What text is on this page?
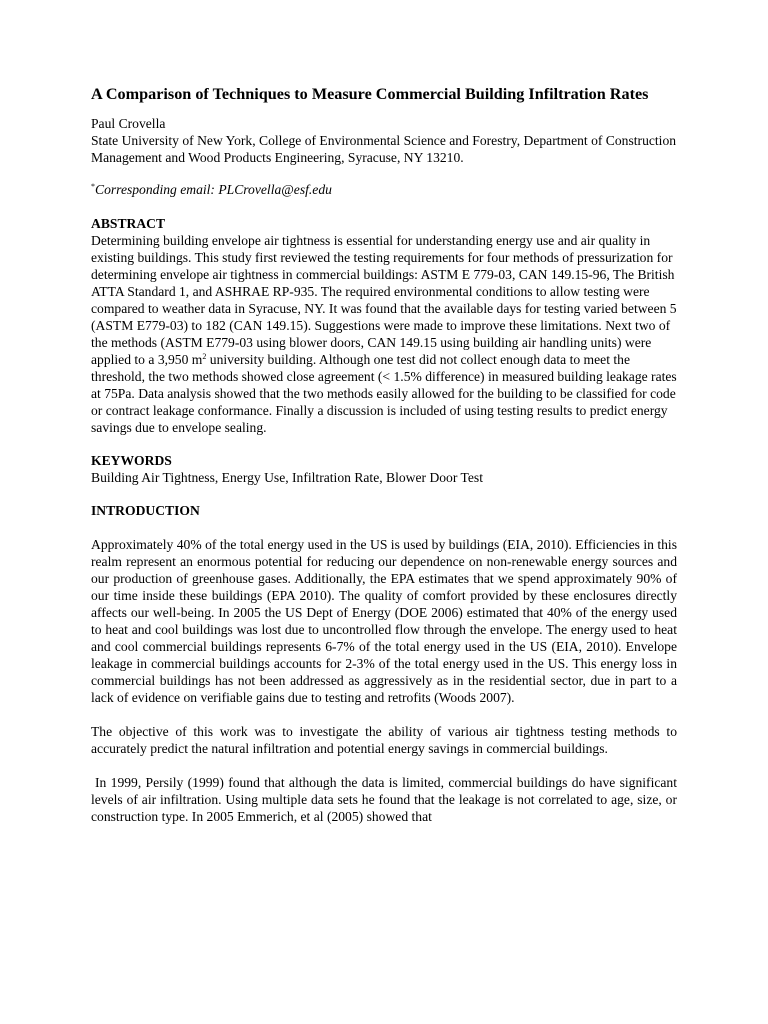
A Comparison of Techniques to Measure Commercial Building Infiltration Rates

Paul Crovella

State University of New York, College of Environmental Science and Forestry, Department of Construction Management and Wood Products Engineering, Syracuse, NY 13210.

*Corresponding email: PLCrovella@esf.edu

ABSTRACT

Determining building envelope air tightness is essential for understanding energy use and air quality in existing buildings. This study first reviewed the testing requirements for four methods of pressurization for determining envelope air tightness in commercial buildings: ASTM E 779-03, CAN 149.15-96, The British ATTA Standard 1, and ASHRAE RP-935. The required environmental conditions to allow testing were compared to weather data in Syracuse, NY. It was found that the available days for testing varied between 5 (ASTM E779-03) to 182 (CAN 149.15). Suggestions were made to improve these limitations. Next two of the methods (ASTM E779-03 using blower doors, CAN 149.15 using building air handling units) were applied to a 3,950 $m^2$ university building. Although one test did not collect enough data to meet the threshold, the two methods showed close agreement (< 1.5% difference) in measured building leakage rates at 75Pa. Data analysis showed that the two methods easily allowed for the building to be classified for code or contract leakage conformance. Finally a discussion is included of using testing results to predict energy savings due to envelope sealing.

KEYWORDS

Building Air Tightness, Energy Use, Infiltration Rate, Blower Door Test

INTRODUCTION

Approximately 40% of the total energy used in the US is used by buildings (EIA, 2010). Efficiencies in this realm represent an enormous potential for reducing our dependence on non-renewable energy sources and our production of greenhouse gases. Additionally, the EPA estimates that we spend approximately 90% of our time inside these buildings (EPA 2010). The quality of comfort provided by these enclosures directly affects our well-being. In 2005 the US Dept of Energy (DOE 2006) estimated that 40% of the energy used to heat and cool buildings was lost due to uncontrolled flow through the envelope. The energy used to heat and cool commercial buildings represents 6-7% of the total energy used in the US (EIA, 2010). Envelope leakage in commercial buildings accounts for 2-3% of the total energy used in the US. This energy loss in commercial buildings has not been addressed as aggressively as in the residential sector, due in part to a lack of evidence on verifiable gains due to testing and retrofits (Woods 2007).

The objective of this work was to investigate the ability of various air tightness testing methods to accurately predict the natural infiltration and potential energy savings in commercial buildings.

In 1999, Persily (1999) found that although the data is limited, commercial buildings do have significant levels of air infiltration. Using multiple data sets he found that the leakage is not correlated to age, size, or construction type. In 2005 Emmerich, et al (2005) showed that
